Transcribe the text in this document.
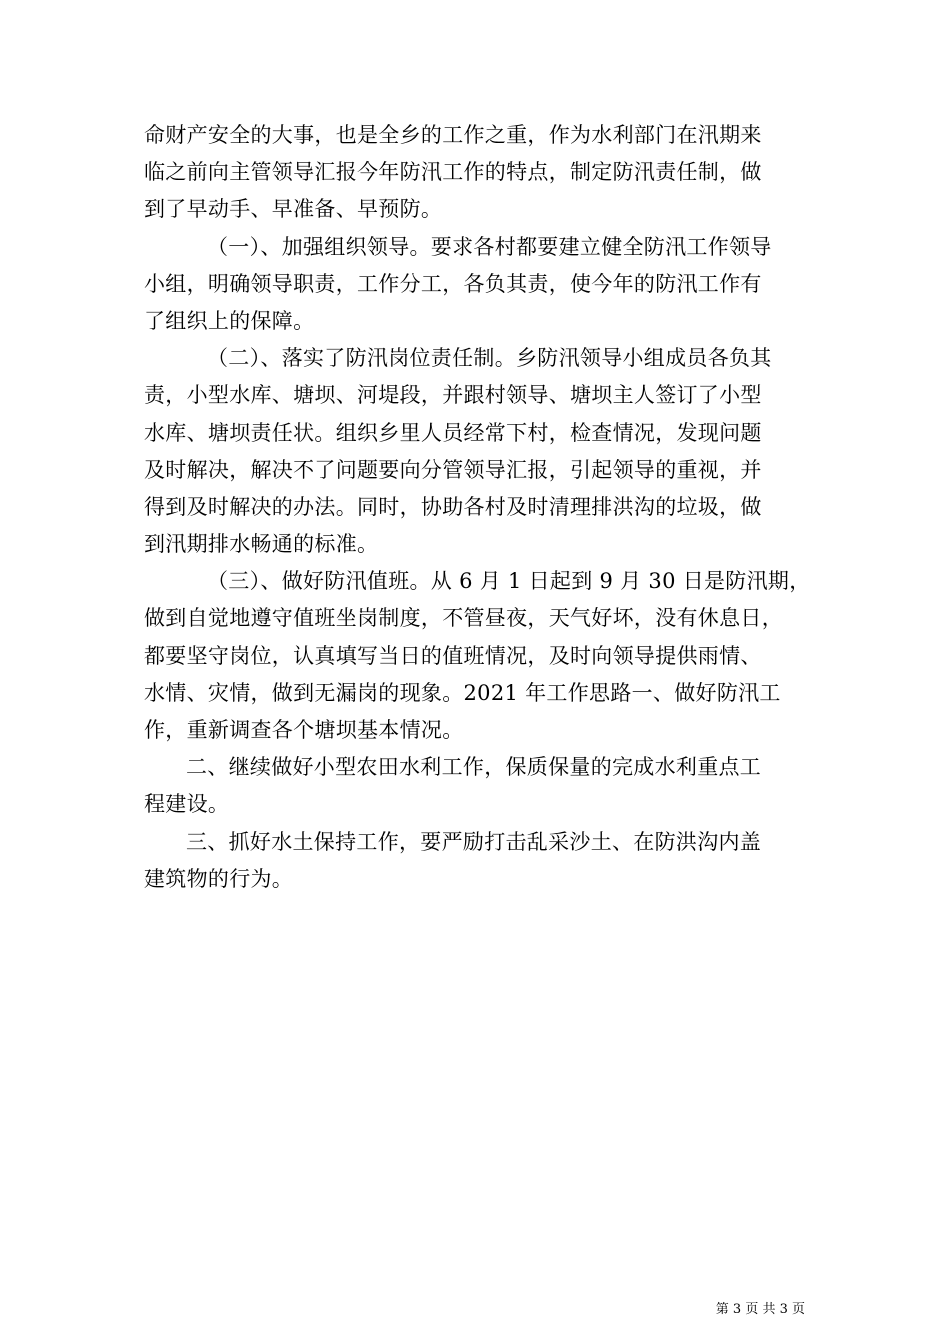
命财产安全的大事，也是全乡的工作之重，作为水利部门在汛期来
临之前向主管领导汇报今年防汛工作的特点，制定防汛责任制，做
到了早动手、早准备、早预防。
（一）、加强组织领导。要求各村都要建立健全防汛工作领导
小组，明确领导职责，工作分工，各负其责，使今年的防汛工作有
了组织上的保障。
（二）、落实了防汛岗位责任制。乡防汛领导小组成员各负其
责，小型水库、塘坝、河堤段，并跟村领导、塘坝主人签订了小型
水库、塘坝责任状。组织乡里人员经常下村，检查情况，发现问题
及时解决，解决不了问题要向分管领导汇报，引起领导的重视，并
得到及时解决的办法。同时，协助各村及时清理排洪沟的垃圾，做
到汛期排水畅通的标准。
（三）、做好防汛值班。从 6 月 1 日起到 9 月 30 日是防汛期，
做到自觉地遵守值班坐岗制度，不管昼夜，天气好坏，没有休息日，
都要坚守岗位，认真填写当日的值班情况，及时向领导提供雨情、
水情、灾情，做到无漏岗的现象。2021 年工作思路一、做好防汛工
作，重新调查各个塘坝基本情况。
二、继续做好小型农田水利工作，保质保量的完成水利重点工
程建设。
三、抓好水土保持工作，要严励打击乱采沙土、在防洪沟内盖
建筑物的行为。
第 3 页 共 3 页
